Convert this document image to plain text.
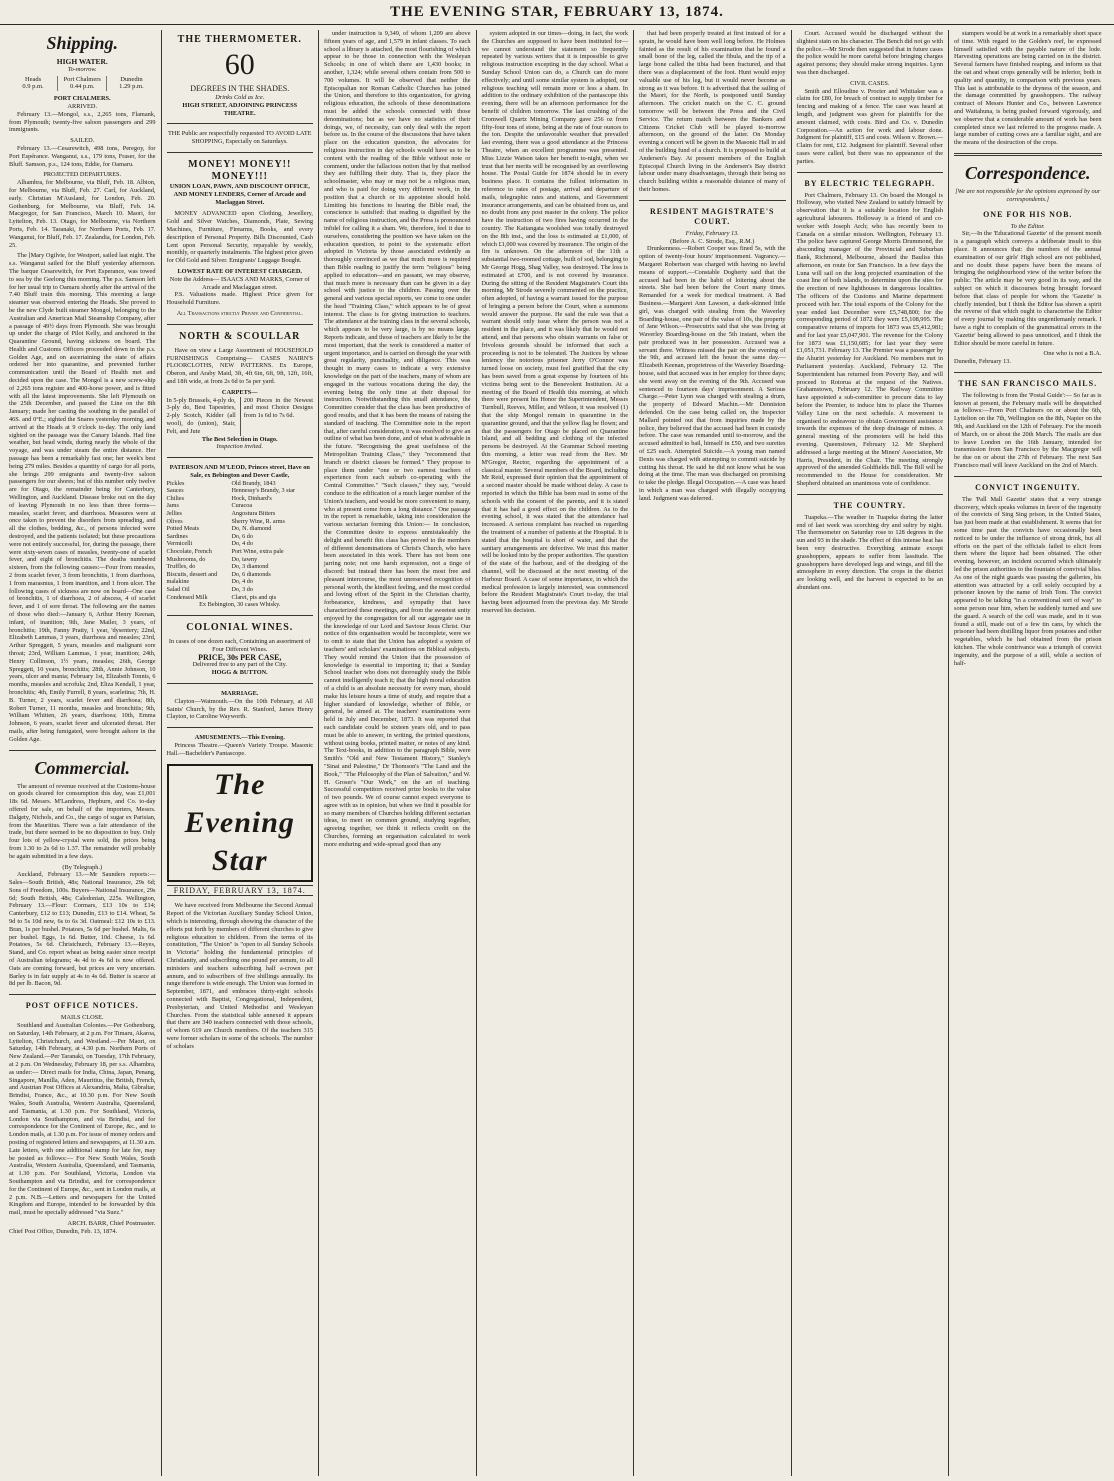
THE EVENING STAR, FEBRUARY 13, 1874.
Shipping.
HIGH WATER.
To-morrow.
Heads
0.9 p.m.
Port Chalmers
0.44 p.m.
Dunedin
1.29 p.m.
PORT CHALMERS.
ARRIVED.

February 13.—Mongol, s.s., 2,265 tons, Flamank, from Plymouth; twenty-five saloon passengers and 299 immigrants.

SAILED.

February 13.—Cesarewitch, 498 tons, Peregoy, for Port Espérance. Wanganui, s.s., 179 tons, Fraser, for the Bluff. Samson, p.s., 124 tons, Eddie, for Oamaru.

PROJECTED DEPARTURES.

Alhambra, for Melbourne, via Bluff, Feb. 18. Albion, for Melbourne, via Bluff, Feb. 27. Carl, for Auckland, early. Christian M'Ausland, for London, Feb. 20. Gothenburg, for Melbourne, via Bluff, Feb. 14. Macgregor, for San Francisco, March 10. Maori, for Lyttelton, Feb. 13. Otago, for Melbourne, via Northern Ports, Feb. 14. Taranaki, for Northern Ports, Feb. 17. Wanganui, for Bluff, Feb. 17. Zealandia, for London, Feb. 25.

The [Mary Ogilvie, for Westport, sailed last night. The s.s. Wanganui sailed for the Bluff yesterday afternoon. The barque Cesarewitch, for Port Esperance, was towed to sea by the Geelong this morning. The p.s. Samson left for her usual trip to Oamaru shortly after the arrival of the 7.40 Bluff train this morning. This morning a large steamer was observed entering the Heads. She proved to be the new Clyde built steamer Mongol, belonging to the Australian and American Mail Steamship Company, after a passage of 49½ days from Plymouth. She was brought up under the charge of Pilot Kelly, and anchored in the Quarantine Ground, having sickness on board. The Health and Customs Officers proceeded down in the p.s. Golden Age, and on ascertaining the state of affairs ordered her into quarantine, and prevented further communication until the Board of Health met and decided upon the case. The Mongol is a new screw-ship of 2,265 tons register and 400-horse power, and is fitted with all the latest improvements. She left Plymouth on the 25th December, and passed the Line on the 8th January; made her casting the southing in the parallel of 46S. and 0°E.; sighted the Snares yesterday morning, and arrived at the Heads at 9 o'clock to-day. The only land sighted on the passage was the Canary Islands. Had fine weather, but head winds, during nearly the whole of the voyage, and was under steam the entire distance. Her passage has been a remarkably fast one; her week's best being 279 miles. Besides a quantity of cargo for all ports, she brings 299 emigrants and twenty-five saloon passengers for our shores; but of this number only twelve are for Otago, the remainder being for Canterbury, Wellington, and Auckland. Disease broke out on the day of leaving Plymouth in no less than three forms—measles, scarlet fever, and diarrhoea. Measures were at once taken to prevent the disorders from spreading, and all the clothes, bedding, &c., of persons infected were destroyed, and the patients isolated; but these precautions were not entirely successful, for, during the passage, there were sixty-seven cases of measles, twenty-one of scarlet fever, and eight of bronchitis. The deaths numbered sixteen, from the following causes:—Four from measles, 2 from scarlet fever, 3 from bronchitis, 1 from diarrhoea, 1 from marasmus, 1 from inanition, and 1 from ulcer. The following cases of sickness are now on board—One case of bronchitis, 1 of diarrhoea, 2 of abscess, 4 of scarlet fever, and 1 of sore throat. The following are the names of those who died:—January 6, Arthur Henry Keenan, infant, of inanition; 9th, Jane Mailer, 3 years, of bronchitis; 19th, Fanny Pratty, 1 year, 'dysentery; 22nd, Elizabeth Lammas, 3 years, diarrhoea and measles; 23rd, Arthur Spreggett, 5 years, measles and malignant sore throat; 23rd, William Lammas, 1 year, inanition; 24th, Henry Collinson, 1½ years, measles; 26th, George Spreggett, 10 years, bronchitis; 28th, Annie Johnson, 10 years, ulcer and mania; February 1st, Elizabeth Tonnis, 6 months, measles and scrofula; 2nd, Eliza Kendall, 1 year, bronchitis; 4th, Emily Furrell, 8 years, scarletina; 7th, H. B. Turner, 2 years, scarlet fever and diarrhoea; 8th, Robert Turner, 11 months, measles and bronchitis; 9th, William Whitten, 26 years, diarrhoea; 10th, Emma Johnson, 6 years, scarlet fever and ulcerated throat. Her mails, after being fumigated, were brought ashore in the Golden Age.

Commercial.

The amount of revenue received at the Customs-house on goods cleared for consumption this day, was £1,001 18s 6d. Messrs. M'Landress, Hepburn, and Co. to-day offered for sale, on behalf of the importers, Messrs. Dalgety, Nichols, and Co., the cargo of sugar ex Parisian, from the Mauritius. There was a fair attendance of the trade, but there seemed to be no disposition to buy. Only four lots of yellow-crystal were sold, the prices being from 1.30 to 2s 6d to 1.37. The remainder will probably be again submitted in a few days.

(By Telegraph.)

Auckland, February 13.—Mr Saunders reports:—Sales—South British, 48s; National Insurance, 29s 6d; Sons of Freedom, 100s. Buyers—National Insurance, 29s 6d; South British, 48s; Caledonian, 225s. Wellington, February 13.—Flour: Cormars, £13 10s to £14; Canterbury, £12 to £13; Dunedin, £13 to £14. Wheat, 5s 9d to 5s 10d new, 6s to 6s 3d. Oatmeal: £12 10s to £13. Bran, 1s per bushel. Potatoes, 5s 6d per bushel. Malts, 6s per bushel. Eggs, 1s 6d. Butter, 10d. Cheese, 1s 6d. Potatoes, 5s 6d. Christchurch, February 13.—Reyes, Stand, and Co. report wheat as being easier since receipt of Australian telegrams; 4s 4d to 4s 6d is now offered. Oats are coming forward, but prices are very uncertain. Barley is in fair supply at 4s to 4s 6d. Butter is scarce at 8d per lb. Bacon, 9d.

POST OFFICE NOTICES.
MAILS CLOSE.

Southland and Australian Colonies.—Per Gothenburg, on Saturday, 14th February, at 2 p.m. For Timaru, Akaroa, Lyttelton, Christchurch, and Westland.—Per Maori, on Saturday, 14th February, at 4.30 p.m. Northern Ports of New Zealand.—Per Taranaki, on Tuesday, 17th February, at 2 p.m. On Wednesday, February 18, per s.s. Alhambra, as under:— Direct mails for India, China, Japan, Penang, Singapore, Manilla, Aden, Mauritius, the British, French, and Austrian Post Offices at Alexandria, Malta, Gibraltar, Brindisi, France, &c., at 10.30 p.m. For New South Wales, South Australia, Western Australia, Queensland, and Tasmania, at 1.30 p.m. For Southland, Victoria, London via Southampton, and via Brindisi, and for correspondence for the Continent of Europe, &c., and to London mails, at 1.30 p.m. For issue of money orders and posting of registered letters and newspapers, at 11.30 a.m. Late letters, with one additional stamp for late fee, may be posted as follows:— For New South Wales, South Australia, Western Australia, Queensland, and Tasmania, at 1.30 p.m. For Southland, Victoria, London via Southampton and via Brindisi, and for correspondence for the Continent of Europe, &c., sent in London mails, at 2 p.m. N.B.—Letters and newspapers for the United Kingdom and Europe, intended to be forwarded by this mail, must be specially addressed "via Suez."

ARCH. BARR, Chief Postmaster.
Chief Post Office, Dunedin, Feb. 13, 1874.
THE THERMOMETER.
60
DEGREES IN THE SHADES.
Drinks Cold as Ice.
HIGH STREET, ADJOINING PRINCESS THEATRE.
THE Public are respectfully requested TO AVOID LATE SHOPPING, Especially on Saturdays.
MONEY! MONEY!! MONEY!!!
UNION LOAN, PAWN, AND DISCOUNT OFFICE, AND MONEY LENDERS, Corner of Arcade and Maclaggan Street.

MONEY ADVANCED upon Clothing, Jewellery, Gold and Silver Watches, Diamonds, Plate, Sewing Machines, Furniture, Firearms, Books, and every description of Personal Property. Bills Discounted, Cash Lent upon Personal Security, repayable by weekly, monthly, or quarterly instalments. The highest price given for Old Gold and Silver. Emigrants' Luggage Bought.

LOWEST RATE OF INTEREST CHARGED.
Note the Address— ISAACS AND MARKS, Corner of Arcade and Maclaggan street.

P.S. Valuations made. Highest Price given for Household Furniture.

All Transactions strictly Private and Confidential.
NORTH & SCOULLAR

Have on view a Large Assortment of HOUSEHOLD FURNISHINGS Comprising— CASES NAIRN'S FLOORCLOTHS, NEW PATTERNS. Ex Europe, Oberon, and Araby Maid, 3ft, 4ft 6in, 6ft, 9ft, 12ft, 16ft, and 18ft wide, at from 2s 6d to 5s per yard.

CARPETS—
In 5-ply Brussels, 4-ply do, 3-ply do, Best Tapestries, 2-ply Scotch, Kidder (all wool), do (union), Stair, Felt, and Jute
200 Pieces in the Newest and most Choice Designs from 1s 6d to 7s 6d.
The Best Selection in Otago.
Inspection invited.
PATERSON AND M'LEOD, Princes street, Have on Sale, ex Bebington and Dover Castle,
Pickles	Old Brandy, 1843
Sauces	Hennessy's Brandy, 3 star
Chilies	Hock, Dinhard's
Jams	Curacoa
Jellies	Angostura Bitters
Olives	Sherry Wine, R. arms
Potted Meats	Do, N. diamond
Sardines	Do, 6 do
Vermicelli	Do, 4 do
Chocolate, French	Port Wine, extra pale
Mushrooms, do	Do, tawny
Truffles, do	Do, 3 diamond
Biscuits, dessert and	Do, 6 diamonds
malakine	Do, 4 do
Salad Oil	Do, 3 do
Condensed Milk	Claret, pts and qts
Ex Bebington, 30 cases Whisky.
COLONIAL WINES.
In cases of one dozen each, Containing an assortment of Four Different Wines.
PRICE, 30s PER CASE,
Delivered free to any part of the City.
HOGG & BUTTON.
MARRIAGE.

Clayton—Watmouth.—On the 10th February, at All Saints' Church, by the Rev. R. Stanford, James Henry Clayton, to Caroline Wayworth.

AMUSEMENTS.—This Evening.

Princess Theatre.—Queen's Variety Troupe. Masonic Hall.—Bachelder's Pantascope.

The Evening Star
FRIDAY, FEBRUARY 13, 1874.

We have received from Melbourne the Second Annual Report of the Victorian Auxiliary Sunday School Union, which is interesting, through showing the character of the efforts put forth by members of different churches to give religious education to children. From the terms of its constitution, "The Union" is "open to all Sunday Schools in Victoria" holding the fundamental principles of Christianity, and subscribing one pound per annum, to all ministers and teachers subscribing half a-crown per annum, and to subscribers of five shillings annually. Its range therefore is wide enough. The Union was formed in September, 1871, and embraces thirty-eight schools connected with Baptist, Congregational, Independent, Presbyterian, and United Methodist and Wesleyan Churches. From the statistical table annexed it appears that there are 340 teachers connected with those schools, of whom 619 are Church members. Of the teachers 315 were former scholars in some of the schools. The number of scholars

under instruction is 9,349, of whom 1,209 are above fifteen years of age, and 1,579 in infant classes. To each school a library is attached, the most flourishing of which appear to be those in connection with the Wesleyan Schools; in one of which there are 1,430 books; in another, 1,324; while several others contain from 500 to 700 volumes. It will be observed that neither the Episcopalian nor Roman Catholic Churches has joined the Union, and therefore to this organization, for giving religious education, the schools of these denominations must be added the schools connected with those denominations; but as we have no statistics of their doings, we, of necessity, can only deal with the report before us. In the course of the discussions that have taken place on the education question, the advocates for religious instruction in day schools would have us to be content with the reading of the Bible without note or comment, under the fallacious notion that by that method they are fulfilling their duty. That is, they place the schoolmaster, who may or may not be a religious man, and who is paid for doing very different work, in the position that a church or its appointee should hold. Limiting his functions to hearing the Bible read, the conscience is satisfied: that reading is dignified by the name of religious instruction, and the Press is pronounced infidel for calling it a sham. We, therefore, feel it due to ourselves, considering the position we have taken on the education question, to point to the systematic effort adopted in Victoria by those associated evidently as thoroughly convinced as we that much more is required than Bible reading to justify the term "religious" being applied to education—and en passant, we may observe, that much more is necessary than can be given in a day school with justice to the children. Passing over the general and various special reports, we come to one under the head "Training Class," which appears to be of great interest. The class is for giving instruction to teachers. The attendance at the training class in the several schools, which appears to be very large, is by no means large. Reports indicate, and those of teachers are likely to be the most important, that the work is considered a matter of urgent importance, and is carried on through the year with great regularity, punctuality, and diligence. This was thought in many cases to indicate a very extensive knowledge on the part of the teachers, many of whom are engaged in the various vocations during the day, the evening being the only time at their disposal for instruction. Notwithstanding this small attendance, the Committee consider that the class has been productive of good results, and that it has been the means of raising the standard of teaching. The Committee note in the report that, after careful consideration, it was resolved to give an outline of what has been done, and of what is advisable in the future. "Recognising the great usefulness of the Metropolitan Training Class," they "recommend that branch or district classes be formed." They propose to place them under "one or two earnest teachers of experience from each suburb co-operating with the Central Committee." "Such classes," they say, "would conduce to the edification of a much larger number of the Union's teachers, and would be more convenient to many, who at present come from a long distance." One passage in the report is remarkable, taking into consideration the various sectarian forming this Union:— In conclusion, the Committee desire to express unmistakeably the delight and benefit this class has proved to the members of different denominations of Christ's Church, who have been associated in this work. There has not been one jarring note; not one harsh expression, not a tinge of discord: but instead there has been the most free and pleasant intercourse, the most unreserved recognition of personal worth, the kindliest feeling, and the most cordial and loving effort of the Spirit in the Christian charity, forbearance, kindness, and sympathy that have characterized these meetings, and from the sweetest unity enjoyed by the congregation for all our aggregate use in the knowledge of our Lord and Saviour Jesus Christ. Our notice of this organisation would be incomplete, were we to omit to state that the Union has adopted a system of teachers' and scholars' examinations on Biblical subjects. They would remind the Union that the possession of knowledge is essential to importing it; that a Sunday School teacher who does not thoroughly study the Bible cannot intelligently teach it; that the high moral education of a child is an absolute necessity for every man, should make his leisure hours a time of study, and require that a higher standard of knowledge, whether of Bible, or general, be aimed at. The teachers' examinations were held in July and December, 1873. It was reported that each candidate could be sixteen years old, and to pass must be able to answer, in writing, the printed questions, without using books, printed matter, or notes of any kind. The Text-books, in addition to the paragraph Bible, were Smith's "Old and New Testament History," Stanley's "Sinai and Palestine," Dr Thomson's "The Land and the Book," "The Philosophy of the Plan of Salvation," and W. H. Groser's "Our Work," on the art of teaching. Successful competitors received prize books to the value of two pounds. We of course cannot expect everyone to agree with us in opinion, but when we find it possible for so many members of Churches holding different sectarian ideas, to meet on common ground, studying together, agreeing together, we think it reflects credit on the Churches, forming an organisation calculated to work more enduring and wide-spread good than any

system adopted in our times—doing, in fact, the work the Churches are supposed to have been instituted for—we cannot understand the statement so frequently repeated by various writers that it is impossible to give religious instruction excepting in the day school. What a Sunday School Union can do, a Church can do more effectively; and until some similar system is adopted, our religious teaching will remain more or less a sham. In addition to the ordinary exhibition of the pantascope this evening, there will be an afternoon performance for the benefit of children tomorrow. The last crushing of the Cromwell Quartz Mining Company gave 256 oz from fifty-four tons of stone, being at the rate of four ounces to the ton. Despite the unfavorable weather that prevailed last evening, there was a good attendance at the Princess Theatre, when an excellent programme was presented. Miss Lizzie Watson takes her benefit to-night, when we trust that her merits will be recognised by an overflowing house. The Postal Guide for 1874 should be in every business place. It contains the fullest information in reference to rates of postage, arrival and departure of mails, telegraphic rates and stations, and Government insurance arrangements, and can be obtained from us, and no doubt from any post master in the colony. The police have the instruction of two fires having occurred in the country. The Kaitangata woolshed was totally destroyed on the 8th inst., and the loss is estimated at £1,000, of which £1,000 was covered by insurance. The origin of the fire is unknown. On the afternoon of the 11th a substantial two-roomed cottage, built of sod, belonging to Mr George Hogg, Shag Valley, was destroyed. The loss is estimated at £700, and is not covered by insurance. During the sitting of the Resident Magistrate's Court this morning, Mr Strode severely commented on the practice, often adopted, of having a warrant issued for the purpose of bringing a person before the Court, when a summons would answer the purpose. He said the rule was that a warrant should only issue where the person was not a resident in the place, and it was likely that he would not attend, and that persons who obtain warrants on false or frivolous grounds should be informed that such a proceeding is not to be tolerated. The Justices by whose leniency the notorious prisoner Jerry O'Connor was turned loose on society, must feel gratified that the city has been saved from a great expense by fourteen of his victims being sent to the Benevolent Institution. At a meeting of the Board of Health this morning, at which there were present his Honor the Superintendent, Messrs Turnbull, Reeves, Miller, and Wilson, it was resolved (1) that the ship Mongol remain in quarantine in the quarantine ground, and that the yellow flag be flown; and that the passengers for Otago be placed on Quarantine Island, and all bedding and clothing of the infected persons be destroyed. At the Grammar School meeting this morning, a letter was read from the Rev. Mr M'Gregor, Rector, regarding the appointment of a classical master. Several members of the Board, including Mr Reid, expressed their opinion that the appointment of a second master should be made without delay. A case is reported in which the Bible has been read in some of the schools with the consent of the parents, and it is stated that it has had a good effect on the children. As to the evening school, it was stated that the attendance had increased. A serious complaint has reached us regarding the treatment of a number of patients at the Hospital. It is stated that the hospital is short of water, and that the sanitary arrangements are defective. We trust this matter will be looked into by the proper authorities. The question of the state of the harbour, and of the dredging of the channel, will be discussed at the next meeting of the Harbour Board. A case of some importance, in which the medical profession is largely interested, was commenced before the Resident Magistrate's Court to-day, the trial having been adjourned from the previous day. Mr Strode reserved his decision.

that had been properly treated at first instead of for a sprain, he would have been well long before. He Holmes fainted as the result of his examination that he found a small bone of the leg, called the fibula, and the tip of a large bone called the tibia had been fractured, and that there was a displacement of the foot. Hunt would enjoy valuable use of his leg, but it would never become as strong as it was before. It is advertised that the sailing of the Maori, for the North, is postponed until Sunday afternoon. The cricket match on the C. C. ground tomorrow will be between the Press and the Civil Service. The return match between the Bankers and Citizens Cricket Club will be played to-morrow afternoon, on the ground of the latter. On Monday evening a concert will be given in the Masonic Hall in aid of the building fund of a church. It is proposed to build at Andersen's Bay. At present members of the English Episcopal Church living in the Andersen's Bay district labour under many disadvantages, through their being no church building within a reasonable distance of many of their homes.

RESIDENT MAGISTRATE'S COURT.
Friday, February 13.
(Before A. C. Strode, Esq., R.M.)

Drunkenness.—Robert Cooper was fined 5s, with the option of twenty-four hours' imprisonment. Vagrancy.—Margaret Robertson was charged with having no lawful means of support.—Constable Dogherty said that the accused had been in the habit of loitering about the streets. She had been before the Court many times. Remanded for a week for medical treatment. A Bad Business.—Margaret Ann Lawson, a dark-skinned little girl, was charged with stealing from the Waverley Boarding-house, one pair of the value of 10s, the property of Jane Wilson.—Prosecutrix said that she was living at Waverley Boarding-house on the 5th instant, when the pair produced was in her possession. Accused was a servant there. Witness missed the pair on the evening of the 9th, and accused left the house the same day.—Elizabeth Keenan, proprietress of the Waverley Boarding-house, said that accused was in her employ for three days; she went away on the evening of the 9th. Accused was sentenced to fourteen days' imprisonment. A Serious Charge.—Peter Lynn was charged with stealing a drum, the property of Edward Machin.—Mr Denniston defended. On the case being called on, the Inspector Mallard pointed out that from inquiries made by the police, they believed that the accused had been in custody before. The case was remanded until to-morrow, and the accused admitted to bail, himself in £50, and two sureties of £25 each. Attempted Suicide.—A young man named Denis was charged with attempting to commit suicide by cutting his throat. He said he did not know what he was doing at the time. The man was discharged on promising to take the pledge. Illegal Occupation.—A case was heard in which a man was charged with illegally occupying land. Judgment was deferred.

Court. Accused would be discharged without the slightest stain on his character. The Bench did not go with the police.—Mr Strode then suggested that in future cases the police would be more careful before bringing charges against persons; they should make strong inquiries. Lynn was then discharged.

CIVIL CASES.

Smith and Elloudine v. Procter and Whittaker was a claim for £80, for breach of contract to supply timber for fencing and making of a fence. The case was heard at length, and judgment was given for plaintiffs for the amount claimed, with costs. Bird and Co. v. Dunedin Corporation.—An action for work and labour done. Judgment for plaintiff, £15 and costs. Wilson v. Brown.—Claim for rent, £12. Judgment for plaintiff. Several other cases were called, but there was no appearance of the parties.

BY ELECTRIC TELEGRAPH.

Port Chalmers, February 13. On board the Mongol is Holloway, who visited New Zealand to satisfy himself by observation that it is a suitable location for English agricultural labourers. Holloway is a friend of and co-worker with Joseph Arch; who has recently been to Canada on a similar mission. Wellington, February 13. The police have captured George Morris Drummond, the absconding manager of the Provincial and Suburban Bank, Richmond, Melbourne, aboard the Bauliss this afternoon, en route for San Francisco. In a few days the Luna will sail on the long projected examination of the coast line of both islands, to determine upon the sites for the erection of new lighthouses in dangerous localities. The officers of the Customs and Marine department proceed with her. The total exports of the Colony for the year ended last December were £5,748,800; for the corresponding period of 1872 they were £5,108,995. The comparative returns of imports for 1873 was £5,412,981; and for last year £5,047,901. The revenue for the Colony for 1873 was £1,150,685; for last year they were £1,051,731. February 13. The Premier was a passenger by the Ahuriri yesterday for Auckland. No members met in Parliament yesterday. Auckland, February 12. The Superintendent has returned from Poverty Bay, and will proceed to Rotorua at the request of the Natives. Grahamstown, February 12. The Railway Committee have appointed a sub-committee to procure data to lay before the Premier, to induce him to place the Thames Valley Line on the next schedule. A movement is organised to endeavour to obtain Government assistance towards the expenses of the deep drainage of mines. A general meeting of the promoters will be held this evening. Queenstown, February 12. Mr Shepherd addressed a large meeting at the Miners' Association, Mr Harris, President, in the Chair. The meeting strongly approved of the amended Goldfields Bill. The Bill will be recommended to the House for consideration. Mr Shepherd obtained an unanimous vote of confidence.

THE COUNTRY.

Tuapeka.—The weather in Tuapeka during the latter end of last week was scorching dry and sultry by night. The thermometer on Saturday rose to 128 degrees in the sun and 93 in the shade. The effect of this intense heat has been very destructive. Everything animate except grasshoppers, appears to suffer from lassitude. The grasshoppers have developed legs and wings, and fill the atmosphere in every direction. The crops in the district are looking well, and the harvest is expected to be an abundant one.

stampers would be at work in a remarkably short space of time. With regard to the Golden's reef, he expressed himself satisfied with the payable nature of the lode. Harvesting operations are being carried on in the district. Several farmers have finished reaping, and inform us that the oat and wheat crops generally will be inferior, both in quality and quantity, in comparison with previous years. This last is attributable to the dryness of the season, and the damage committed by grasshoppers. The railway contract of Messrs Hunter and Co., between Lawrence and Waitahuna, is being pushed forward vigorously, and we observe that a considerable amount of work has been completed since we last referred to the progress made. A large number of cutting cows are a familiar sight, and are the means of the destruction of the crops.

Correspondence.
[We are not responsible for the opinions expressed by our correspondents.]
ONE FOR HIS NOB.
To the Editor.

Sir,—In the 'Educational Gazette' of the present month is a paragraph which conveys a deliberate insult to this place. It announces that: the numbers of the annual examination of our girls' High school are not published, and no doubt these papers have been the means of bringing the neighbourhood view of the writer before the public. The article may be very good in its way, and the subject on which it discourses being brought forward before that class of people for whom the 'Gazette' is chiefly intended, but I think the Editor has shown a spirit the reverse of that which ought to characterise the Editor of every journal by making this ungentlemanly remark. I have a right to complain of the grammatical errors in the 'Gazette' being allowed to pass unnoticed, and I think the Editor should be more careful in future.

One who is not a B.A.
Dunedin, February 13.
THE SAN FRANCISCO MAILS.

The following is from the 'Postal Guide':— So far as is known at present, the February mails will be despatched as follows:—From Port Chalmers on or about the 6th, Lyttelton on the 7th, Wellington on the 8th, Napier on the 9th, and Auckland on the 12th of February. For the month of March, on or about the 20th March. The mails are due to leave London on the 16th January, intended for transmission from San Francisco by the Macgregor will be due on or about the 27th of February. The next San Francisco mail will leave Auckland on the 2nd of March.

CONVICT INGENUITY.

The 'Pall Mall Gazette' states that a very strange discovery, which speaks volumes in favor of the ingenuity of the convicts of Sing Sing prison, in the United States, has just been made at that establishment. It seems that for some time past the convicts have occasionally been noticed to be under the influence of strong drink, but all efforts on the part of the officials failed to elicit from them where the liquor had been obtained. The other evening, however, an incident occurred which ultimately led the prison authorities to the fountain of convivial bliss. As one of the night guards was passing the galleries, his attention was attracted by a cell solely occupied by a prisoner known by the name of Irish Tom. The convict appeared to be talking "in a conventional sort of way" to some person near him, when he suddenly turned and saw the guard. A search of the cell was made, and in it was found a still, made out of a few tin cans, by which the prisoner had been distilling liquor from potatoes and other vegetables, which he had obtained from the prison kitchen. The whole contrivance was a triumph of convict ingenuity, and the purpose of a still, while a section of half-
